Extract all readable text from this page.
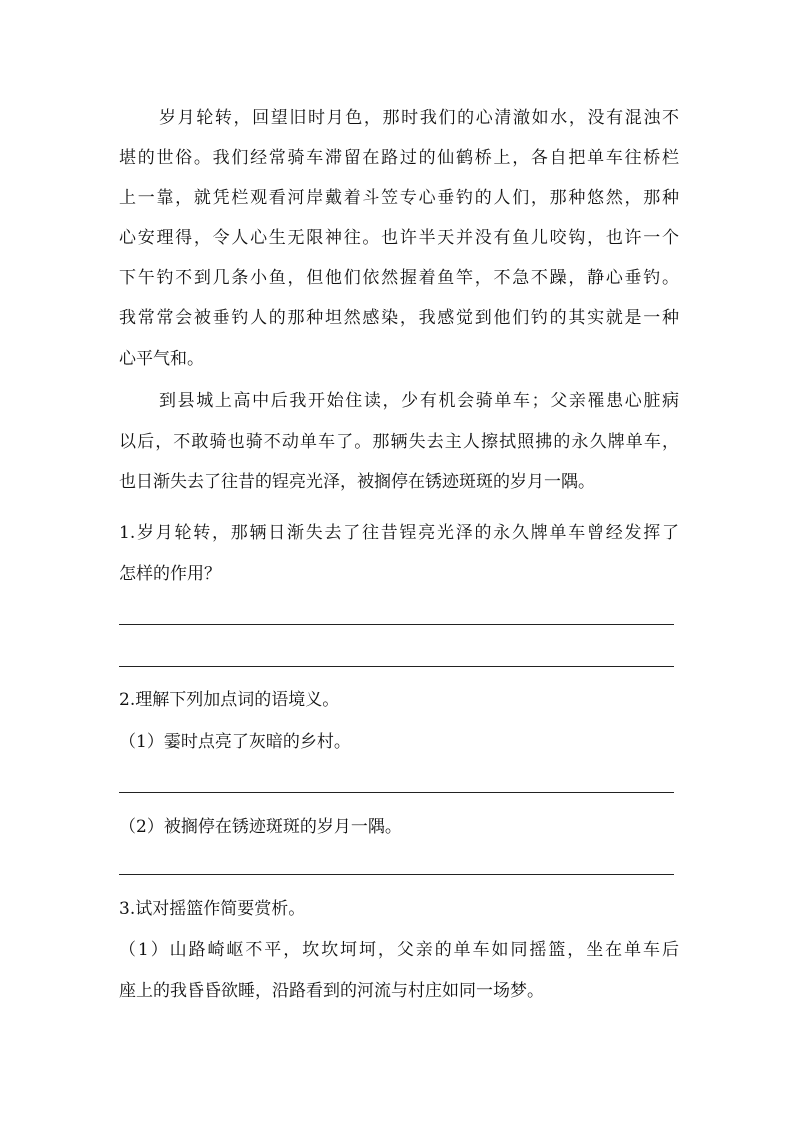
岁月轮转，回望旧时月色，那时我们的心清澈如水，没有混浊不
堪的世俗。我们经常骑车滞留在路过的仙鹤桥上，各自把单车往桥栏
上一靠，就凭栏观看河岸戴着斗笠专心垂钓的人们，那种悠然，那种
心安理得，令人心生无限神往。也许半天并没有鱼儿咬钩，也许一个
下午钓不到几条小鱼，但他们依然握着鱼竿，不急不躁，静心垂钓。
我常常会被垂钓人的那种坦然感染，我感觉到他们钓的其实就是一种
心平气和。
到县城上高中后我开始住读，少有机会骑单车；父亲罹患心脏病
以后，不敢骑也骑不动单车了。那辆失去主人擦拭照拂的永久牌单车，
也日渐失去了往昔的锃亮光泽，被搁停在锈迹斑斑的岁月一隅。
1.岁月轮转，那辆日渐失去了往昔锃亮光泽的永久牌单车曾经发挥了
怎样的作用？
2.理解下列加点词的语境义。
（1）霎时点亮了灰暗的乡村。
（2）被搁停在锈迹斑斑的岁月一隅。
3.试对摇篮作简要赏析。
（1）山路崎岖不平，坎坎坷坷，父亲的单车如同摇篮，坐在单车后
座上的我昏昏欲睡，沿路看到的河流与村庄如同一场梦。
